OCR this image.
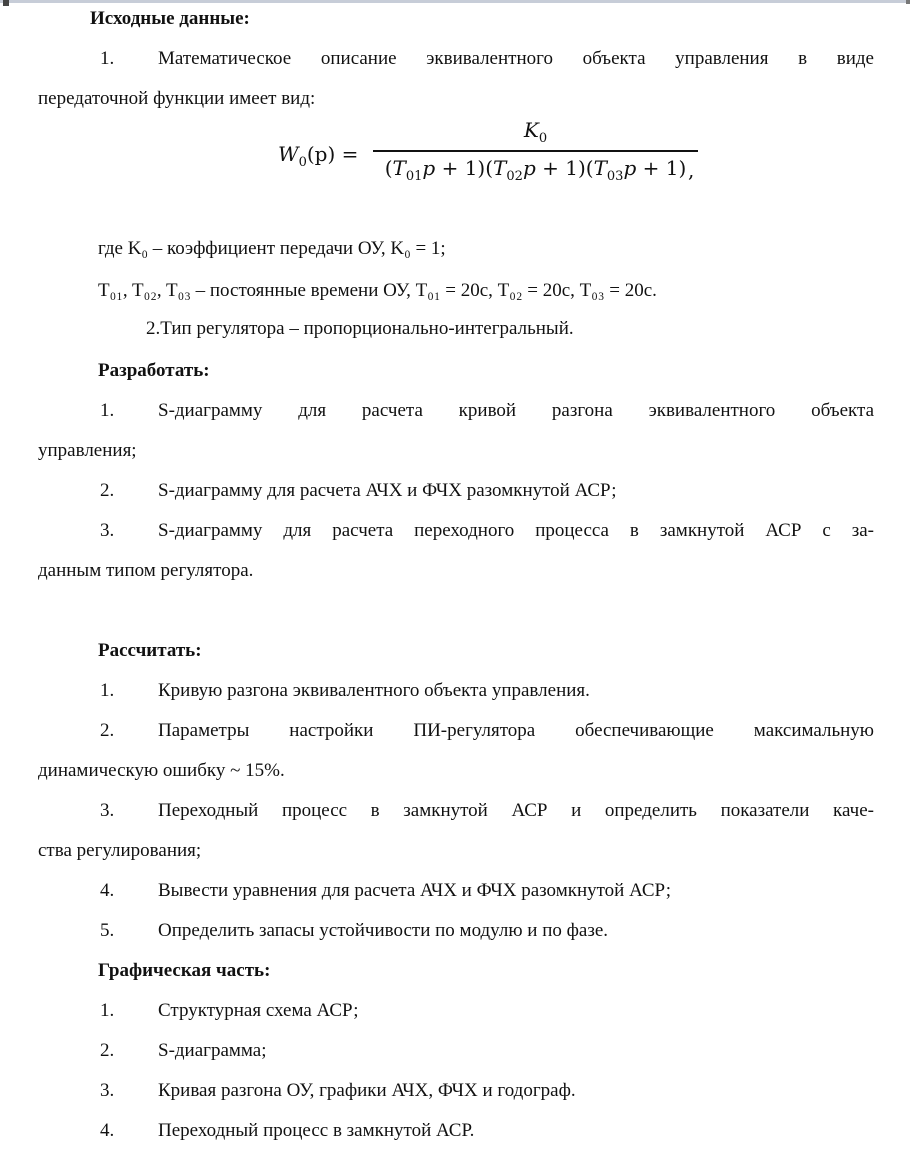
Исходные данные:
1. Математическое описание эквивалентного объекта управления в виде
передаточной функции имеет вид:
$W_0(p)$ =
$K_0$
$(T_{01}p + 1)(T_{02}p + 1)(T_{03}p + 1)$ ,
где K₀ – коэффициент передачи ОУ, K₀ = 1;
T₀₁, T₀₂, T₀₃ – постоянные времени ОУ, T₀₁ = 20с, T₀₂ = 20с, T₀₃ = 20с.
2.Тип регулятора – пропорционально-интегральный.
Разработать:
1. S-диаграмму для расчета кривой разгона эквивалентного объекта
управления;
2. S-диаграмму для расчета АЧХ и ФЧХ разомкнутой АСР;
3. S-диаграмму для расчета переходного процесса в замкнутой АСР с за-
данным типом регулятора.
Рассчитать:
1. Кривую разгона эквивалентного объекта управления.
2. Параметры настройки ПИ-регулятора обеспечивающие максимальную
динамическую ошибку ~ 15%.
3. Переходный процесс в замкнутой АСР и определить показатели каче-
ства регулирования;
4. Вывести уравнения для расчета АЧХ и ФЧХ разомкнутой АСР;
5. Определить запасы устойчивости по модулю и по фазе.
Графическая часть:
1. Структурная схема АСР;
2. S-диаграмма;
3. Кривая разгона ОУ, графики АЧХ, ФЧХ и годограф.
4. Переходный процесс в замкнутой АСР.
